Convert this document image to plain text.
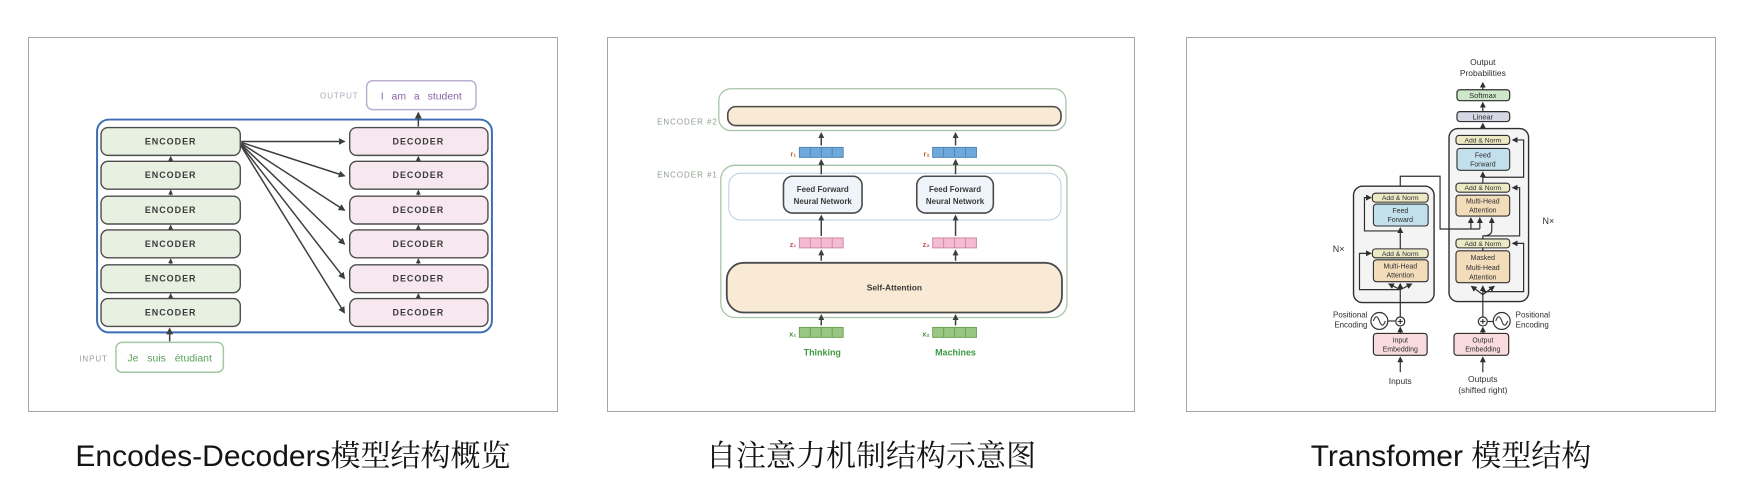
OUTPUT I am a student
ENCODER
ENCODER
ENCODER
ENCODER
ENCODER
ENCODER
DECODER
DECODER
DECODER
DECODER
DECODER
DECODER
INPUT Je suis étudiant
ENCODER #2
r₁	r₂
ENCODER #1
Feed Forward
Neural Network
Feed Forward
Neural Network
z₁	z₂
Self-Attention
x₁	x₂
Thinking	Machines
Output
Probabilities
Softmax
Linear
Add & Norm
Feed
Forward
Add & Norm
Multi-Head
Attention
Add & Norm
Masked
Multi-Head
Attention
Add & Norm
Feed
Forward
Add & Norm
Multi-Head
Attention
N×
N×
Positional
Encoding
Positional
Encoding
Input
Embedding
Output
Embedding
Inputs	Outputs
(shifted right)
Encodes-Decoders模型结构概览	自注意力机制结构示意图	Transfomer 模型结构
